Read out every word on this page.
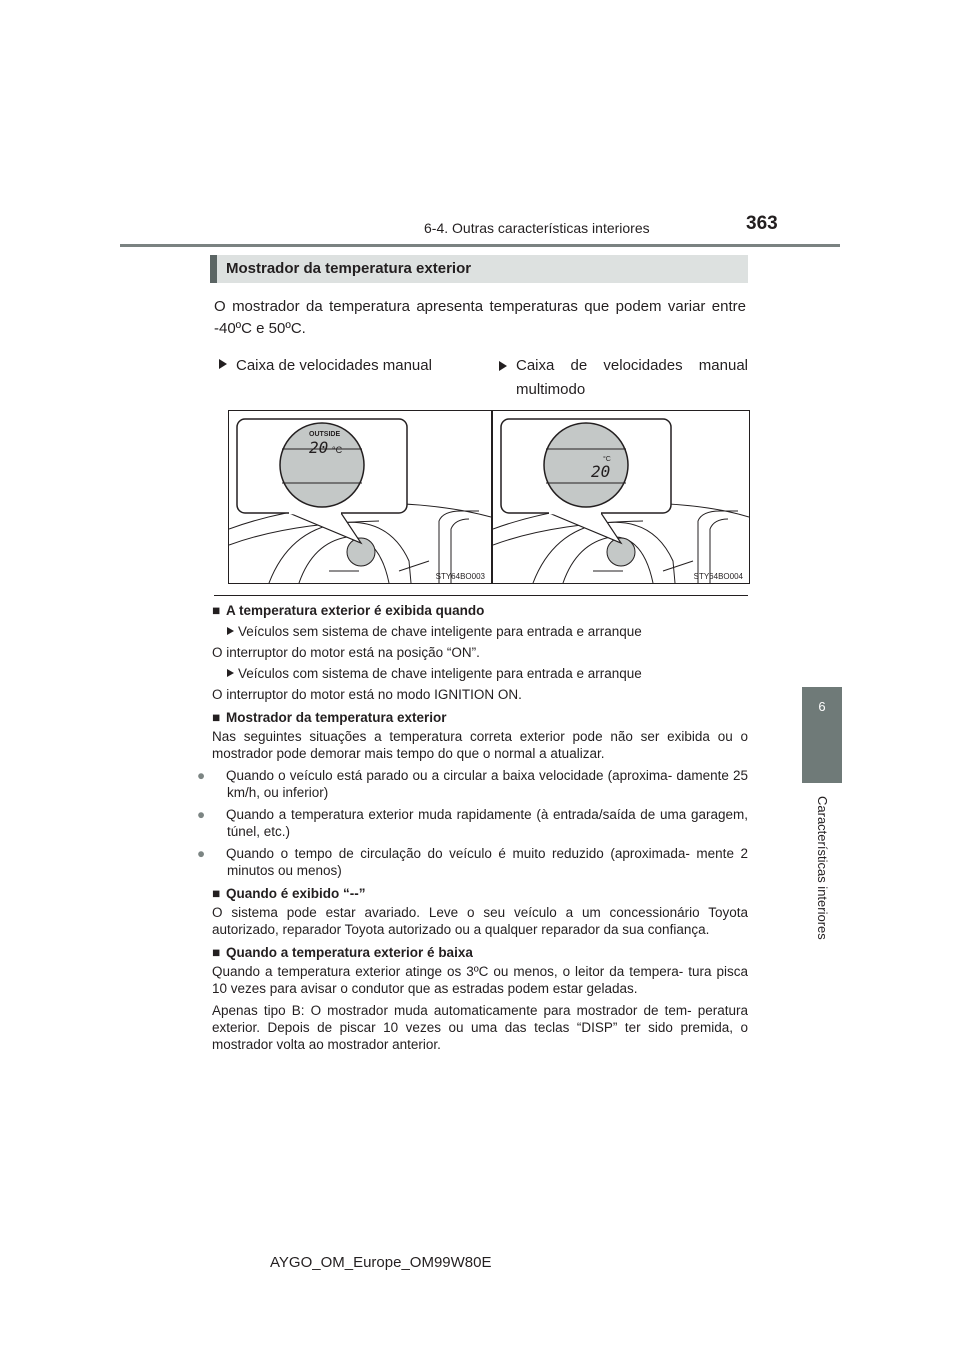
6-4. Outras características interiores	363
6
Características interiores
Mostrador da temperatura exterior
O mostrador da temperatura apresenta temperaturas que podem variar entre -40ºC e 50ºC.
Caixa de velocidades manual	Caixa de velocidades manual multimodo
OUTSIDE
20 °C
STY64BO003
20
°C
STY64BO004
■ A temperatura exterior é exibida quando
Veículos sem sistema de chave inteligente para entrada e arranque
O interruptor do motor está na posição “ON”.
Veículos com sistema de chave inteligente para entrada e arranque
O interruptor do motor está no modo IGNITION ON.
■ Mostrador da temperatura exterior
Nas seguintes situações a temperatura correta exterior pode não ser exibida ou o mostrador pode demorar mais tempo do que o normal a atualizar.
● Quando o veículo está parado ou a circular a baixa velocidade (aproxima- damente 25 km/h, ou inferior)
● Quando a temperatura exterior muda rapidamente (à entrada/saída de uma garagem, túnel, etc.)
● Quando o tempo de circulação do veículo é muito reduzido (aproximada- mente 2 minutos ou menos)
■ Quando é exibido “--”
O sistema pode estar avariado. Leve o seu veículo a um concessionário Toyota autorizado, reparador Toyota autorizado ou a qualquer reparador da sua confiança.
■ Quando a temperatura exterior é baixa
Quando a temperatura exterior atinge os 3ºC ou menos, o leitor da tempera- tura pisca 10 vezes para avisar o condutor que as estradas podem estar geladas.
Apenas tipo B: O mostrador muda automaticamente para mostrador de tem- peratura exterior. Depois de piscar 10 vezes ou uma das teclas “DISP” ter sido premida, o mostrador volta ao mostrador anterior.
AYGO_OM_Europe_OM99W80E
